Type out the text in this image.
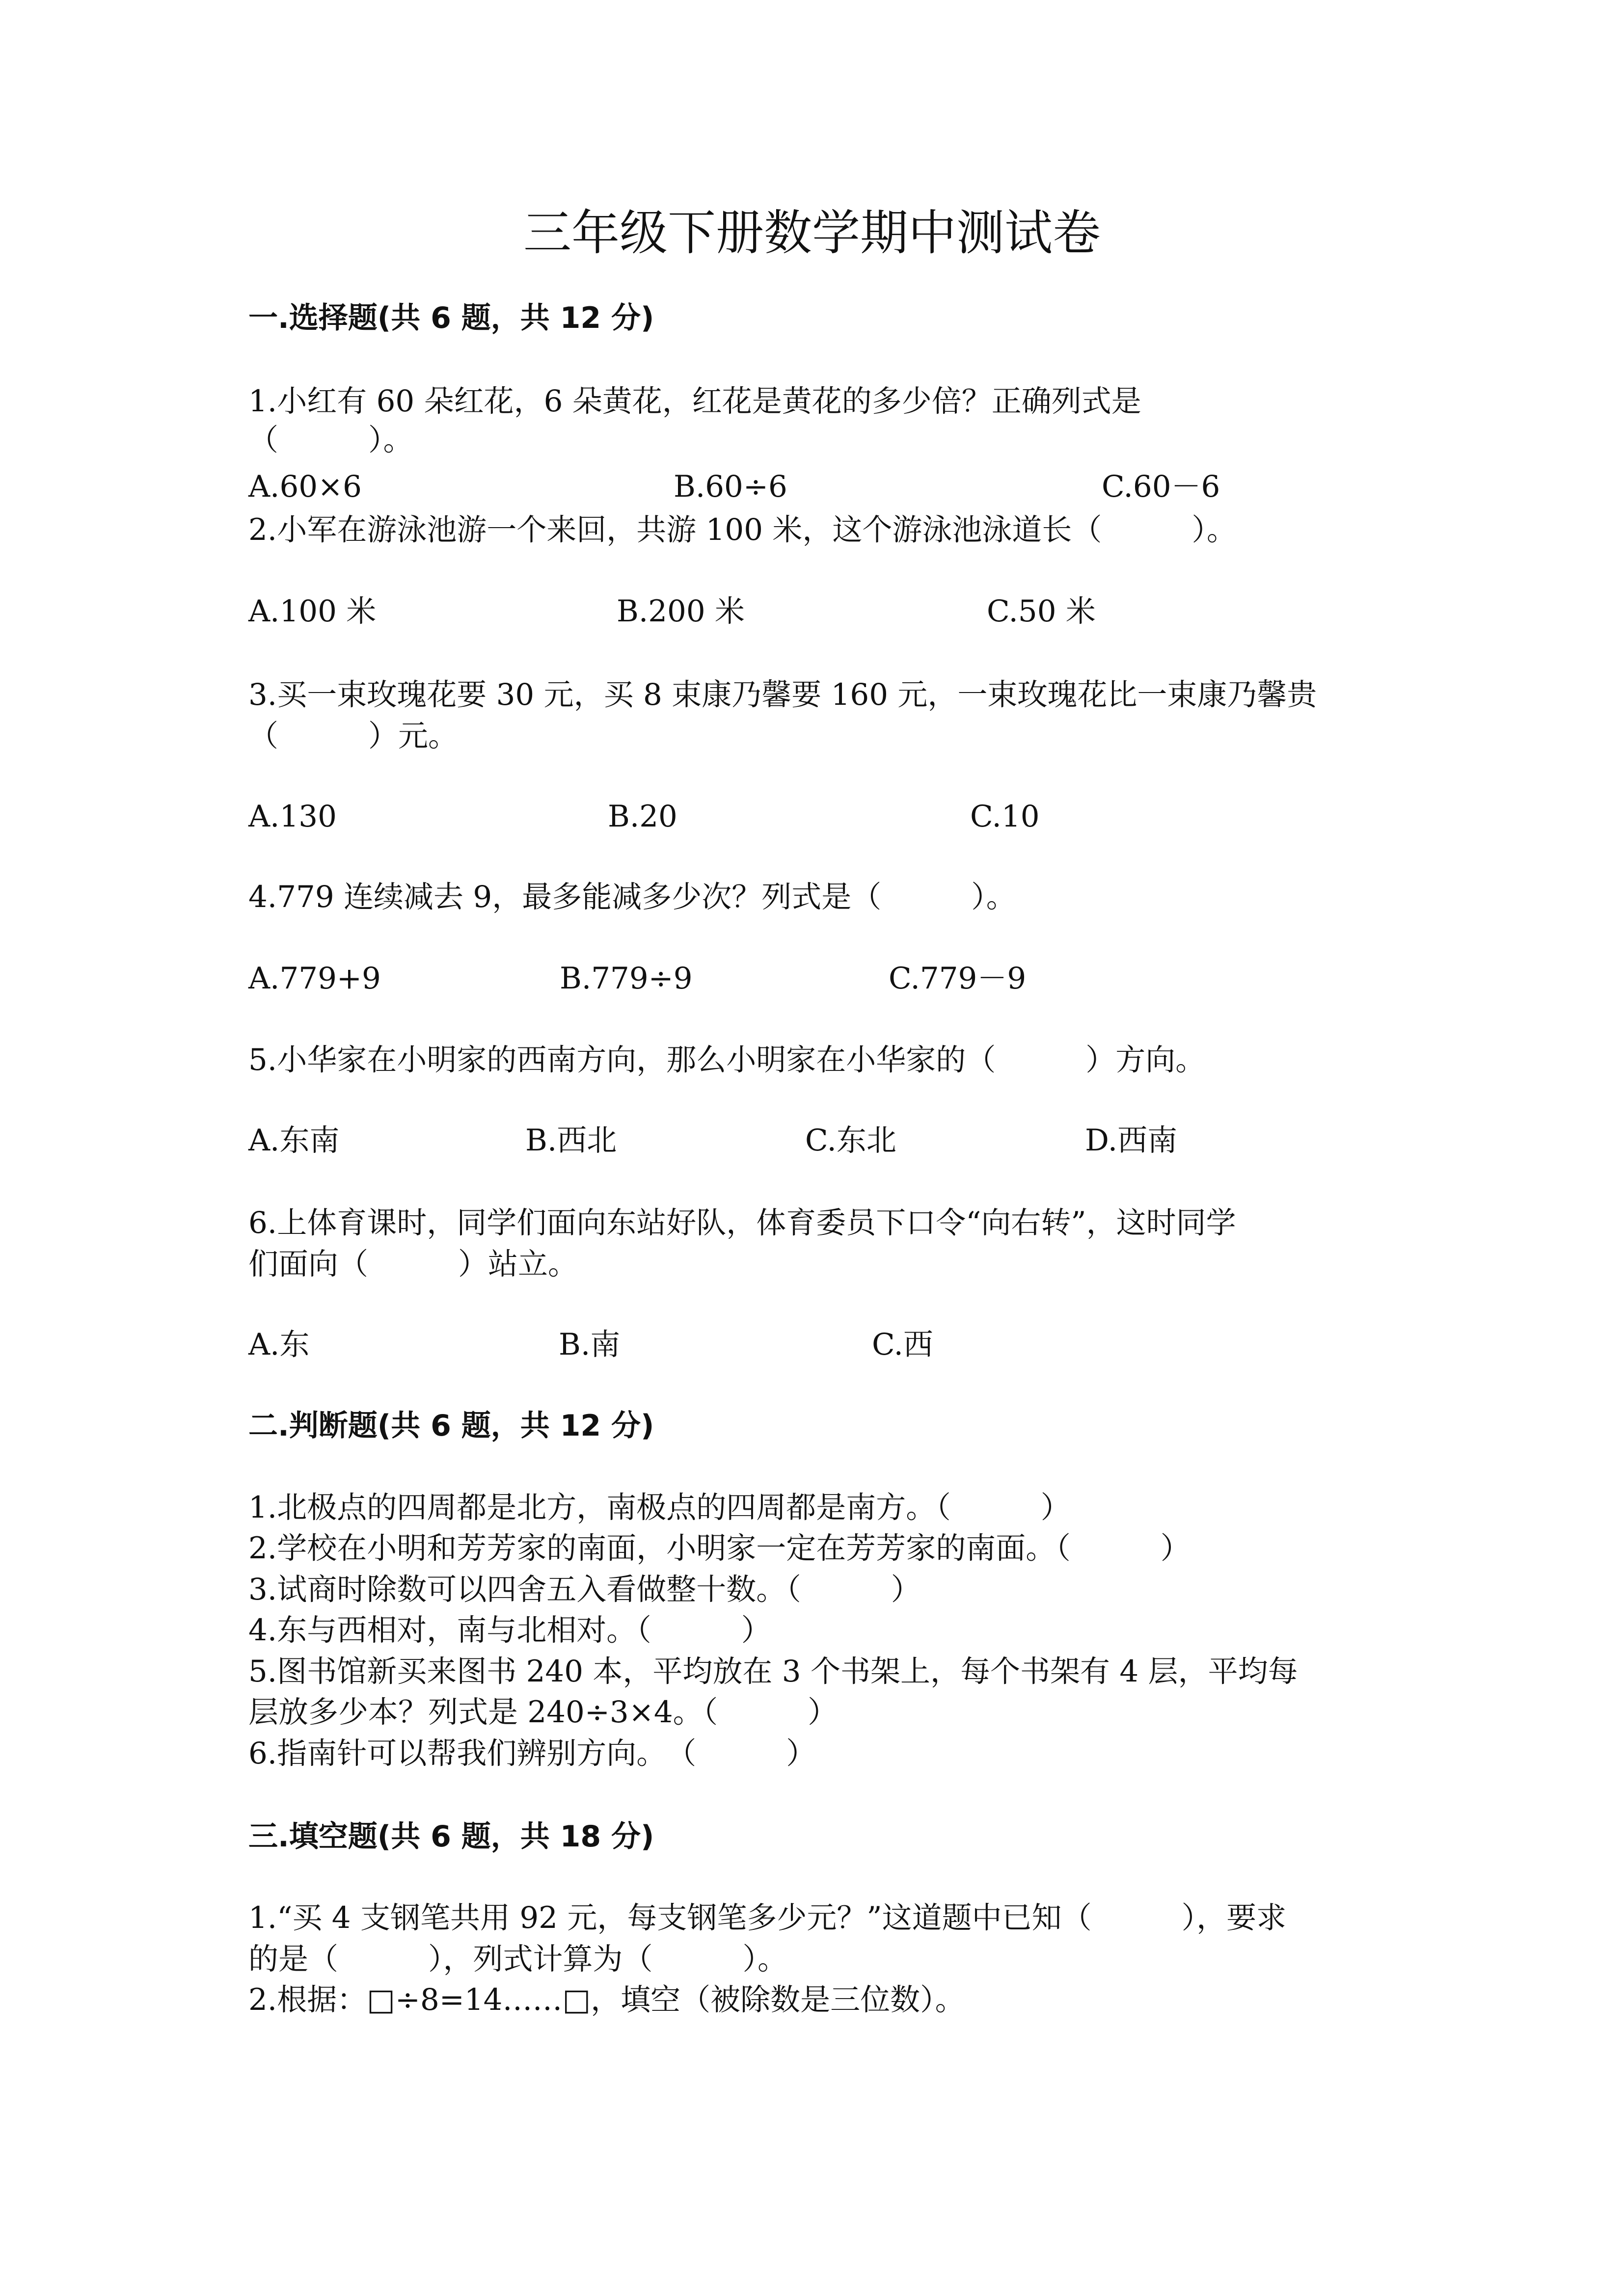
三年级下册数学期中测试卷
一.选择题(共 6 题，共 12 分)
1.小红有 60 朵红花，6 朵黄花，红花是黄花的多少倍？正确列式是
（　　　）。
A.60×6	B.60÷6	C.60－6
2.小军在游泳池游一个来回，共游 100 米，这个游泳池泳道长（　　　）。
A.100 米	B.200 米	C.50 米
3.买一束玫瑰花要 30 元，买 8 束康乃馨要 160 元，一束玫瑰花比一束康乃馨贵
（　　　）元。
A.130	B.20	C.10
4.779 连续减去 9，最多能减多少次？列式是（　　　）。
A.779+9	B.779÷9	C.779－9
5.小华家在小明家的西南方向，那么小明家在小华家的（　　　）方向。
A.东南	B.西北	C.东北	D.西南
6.上体育课时，同学们面向东站好队，体育委员下口令“向右转”，这时同学
们面向（　　　）站立。
A.东	B.南	C.西
二.判断题(共 6 题，共 12 分)
1.北极点的四周都是北方，南极点的四周都是南方。（　　　）
2.学校在小明和芳芳家的南面，小明家一定在芳芳家的南面。（　　　）
3.试商时除数可以四舍五入看做整十数。（　　　）
4.东与西相对，南与北相对。（　　　）
5.图书馆新买来图书 240 本，平均放在 3 个书架上，每个书架有 4 层，平均每
层放多少本？列式是 240÷3×4。（　　　）
6.指南针可以帮我们辨别方向。　（　　　）
三.填空题(共 6 题，共 18 分)
1.“买 4 支钢笔共用 92 元，每支钢笔多少元？”这道题中已知（　　　），要求
的是（　　　），列式计算为（　　　）。
2.根据：□÷8=14……□，填空（被除数是三位数）。
